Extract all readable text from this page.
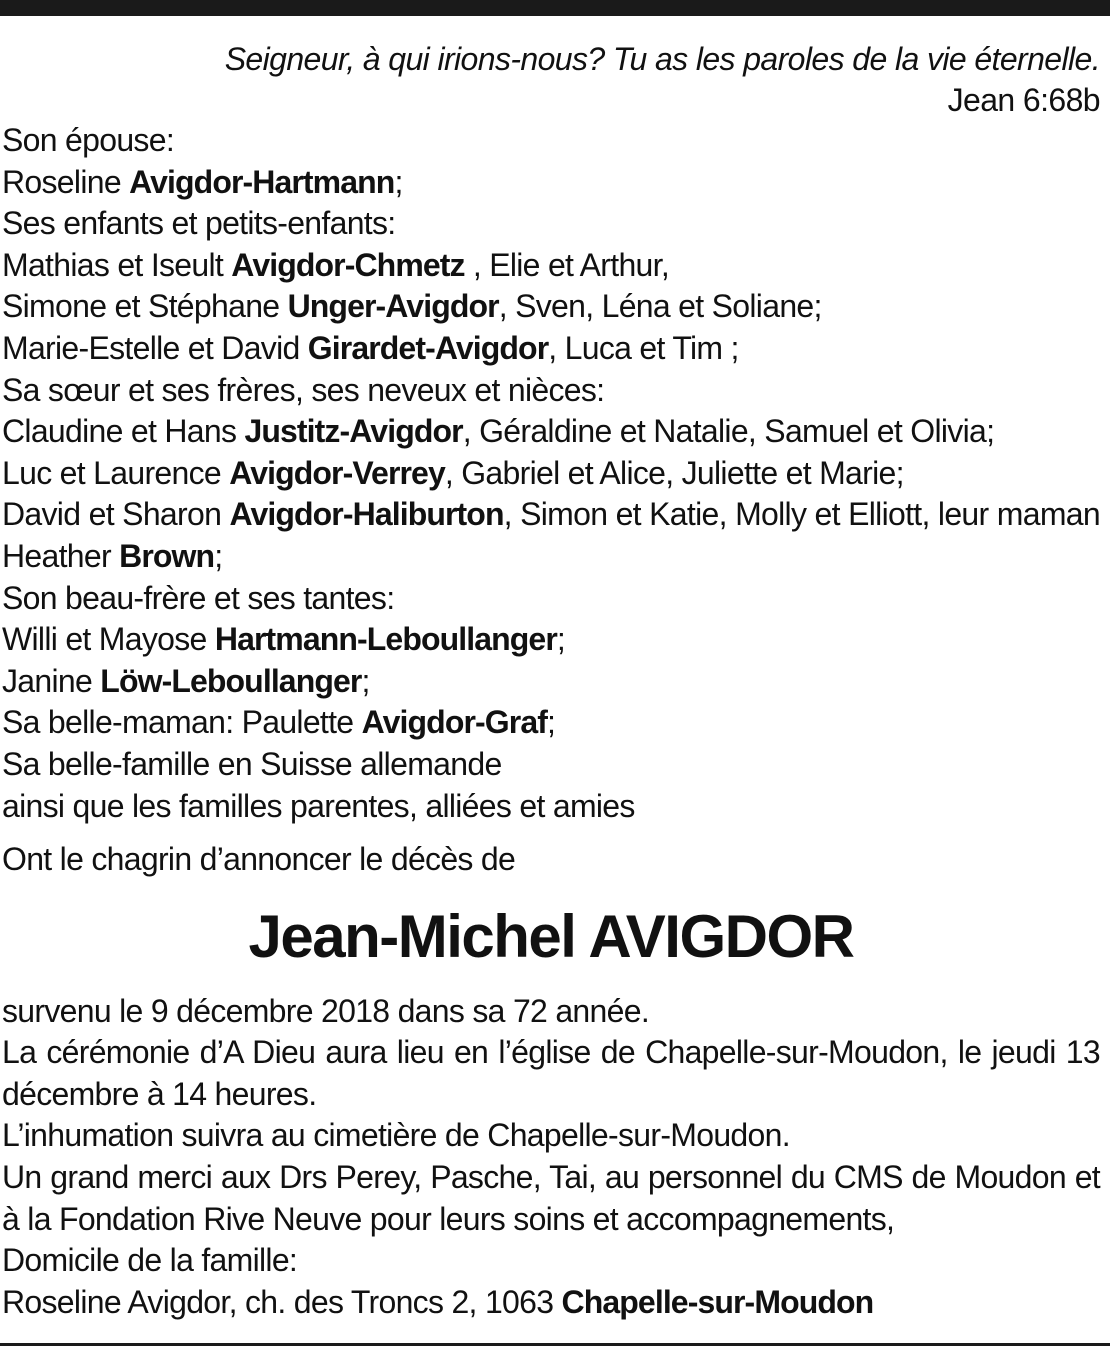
Seigneur, à qui irions-nous? Tu as les paroles de la vie éternelle.
Jean 6:68b
Son épouse:
Roseline Avigdor-Hartmann;
Ses enfants et petits-enfants:
Mathias et Iseult Avigdor-Chmetz , Elie et Arthur,
Simone et Stéphane Unger-Avigdor, Sven, Léna et Soliane;
Marie-Estelle et David Girardet-Avigdor, Luca et Tim ;
Sa sœur et ses frères, ses neveux et nièces:
Claudine et Hans Justitz-Avigdor, Géraldine et Natalie, Samuel et Olivia;
Luc et Laurence Avigdor-Verrey, Gabriel et Alice, Juliette et Marie;
David et Sharon Avigdor-Haliburton, Simon et Katie, Molly et Elliott, leur maman Heather Brown;
Son beau-frère et ses tantes:
Willi et Mayose Hartmann-Leboullanger;
Janine Löw-Leboullanger;
Sa belle-maman: Paulette Avigdor-Graf;
Sa belle-famille en Suisse allemande
ainsi que les familles parentes, alliées et amies
Ont le chagrin d’annoncer le décès de
Jean-Michel AVIGDOR
survenu le 9 décembre 2018 dans sa 72 année.
La cérémonie d’A Dieu aura lieu en l’église de Chapelle-sur-Moudon, le jeudi 13 décembre à 14 heures.
L’inhumation suivra au cimetière de Chapelle-sur-Moudon.
Un grand merci aux Drs Perey, Pasche, Tai, au personnel du CMS de Moudon et à la Fondation Rive Neuve pour leurs soins et accompagnements,
Domicile de la famille:
Roseline Avigdor, ch. des Troncs 2, 1063 Chapelle-sur-Moudon
